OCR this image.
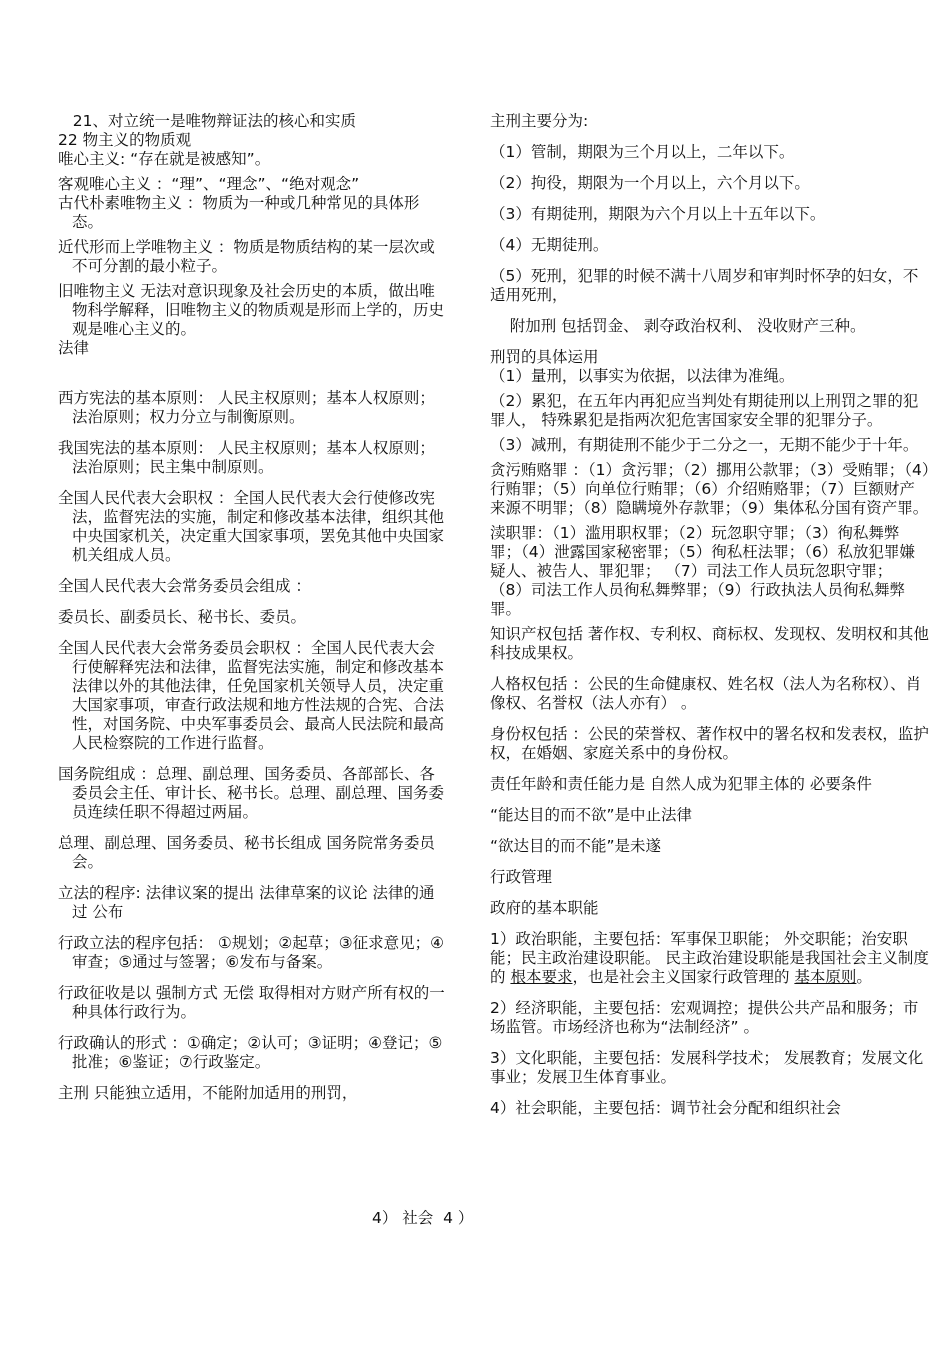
21、对立统一是唯物辩证法的核心和实质

22 物主义的物质观

唯心主义: “存在就是被感知”。

客观唯心主义 ：“理”、“理念”、“绝对观念”

古代朴素唯物主义 ：物质为一种或几种常见的具体形态。

近代形而上学唯物主义 ：物质是物质结构的某一层次或不可分割的最小粒子。

旧唯物主义 无法对意识现象及社会历史的本质，做出唯物科学解释，旧唯物主义的物质观是形而上学的，历史观是唯心主义的。

法律

西方宪法的基本原则： 人民主权原则；基本人权原则；法治原则；权力分立与制衡原则。

我国宪法的基本原则： 人民主权原则；基本人权原则；法治原则；民主集中制原则。

全国人民代表大会职权 ：全国人民代表大会行使修改宪法，监督宪法的实施，制定和修改基本法律，组织其他中央国家机关，决定重大国家事项，罢免其他中央国家机关组成人员。

全国人民代表大会常务委员会组成 ：

委员长、副委员长、秘书长、委员。

全国人民代表大会常务委员会职权 ：全国人民代表大会行使解释宪法和法律，监督宪法实施，制定和修改基本法律以外的其他法律，任免国家机关领导人员，决定重大国家事项，审查行政法规和地方性法规的合宪、合法性，对国务院、中央军事委员会、最高人民法院和最高人民检察院的工作进行监督。

国务院组成 ：总理、副总理、国务委员、各部部长、各委员会主任、审计长、秘书长。总理、副总理、国务委员连续任职不得超过两届。

总理、副总理、国务委员、秘书长组成 国务院常务委员会。

立法的程序: 法律议案的提出 法律草案的议论 法律的通过 公布

行政立法的程序包括： ①规划；②起草；③征求意见；④审查；⑤通过与签署；⑥发布与备案。

行政征收是以 强制方式 无偿 取得相对方财产所有权的一种具体行政行为。

行政确认的形式 ：①确定；②认可；③证明；④登记；⑤批准；⑥鉴证；⑦行政鉴定。

主刑 只能独立适用，不能附加适用的刑罚，

主刑主要分为:

（1）管制，期限为三个月以上，二年以下。

（2）拘役，期限为一个月以上，六个月以下。

（3）有期徒刑，期限为六个月以上十五年以下。

（4）无期徒刑。

（5）死刑，犯罪的时候不满十八周岁和审判时怀孕的妇女，不适用死刑，

附加刑 包括罚金、 剥夺政治权利、 没收财产三种。

刑罚的具体运用

（1）量刑，以事实为依据，以法律为准绳。

（2）累犯，在五年内再犯应当判处有期徒刑以上刑罚之罪的犯罪人， 特殊累犯是指两次犯危害国家安全罪的犯罪分子。

（3）减刑，有期徒刑不能少于二分之一，无期不能少于十年。

贪污贿赂罪 ：（1）贪污罪；（2）挪用公款罪；（3）受贿罪；（4）行贿罪；（5）向单位行贿罪；（6）介绍贿赂罪；（7）巨额财产来源不明罪；（8）隐瞒境外存款罪；（9）集体私分国有资产罪。

渎职罪：（1）滥用职权罪；（2）玩忽职守罪；（3）徇私舞弊罪；（4）泄露国家秘密罪；（5）徇私枉法罪；（6）私放犯罪嫌疑人、被告人、罪犯罪； （7）司法工作人员玩忽职守罪； （8）司法工作人员徇私舞弊罪；（9）行政执法人员徇私舞弊罪。

知识产权包括 著作权、专利权、商标权、发现权、发明权和其他科技成果权。

人格权包括 ：公民的生命健康权、姓名权（法人为名称权）、肖像权、名誉权（法人亦有） 。

身份权包括 ：公民的荣誉权、著作权中的署名权和发表权，监护权，在婚姻、家庭关系中的身份权。

责任年龄和责任能力是 自然人成为犯罪主体的 必要条件

“能达目的而不欲”是中止法律

“欲达目的而不能”是未遂

行政管理

政府的基本职能

1）政治职能，主要包括：军事保卫职能； 外交职能；治安职能；民主政治建设职能。 民主政治建设职能是我国社会主义制度的 根本要求，也是社会主义国家行政管理的 基本原则。

2）经济职能，主要包括：宏观调控；提供公共产品和服务；市场监管。市场经济也称为“法制经济” 。

3）文化职能，主要包括：发展科学技术； 发展教育；发展文化事业；发展卫生体育事业。

4）社会职能，主要包括：调节社会分配和组织社会

4） 社会  4 ）
